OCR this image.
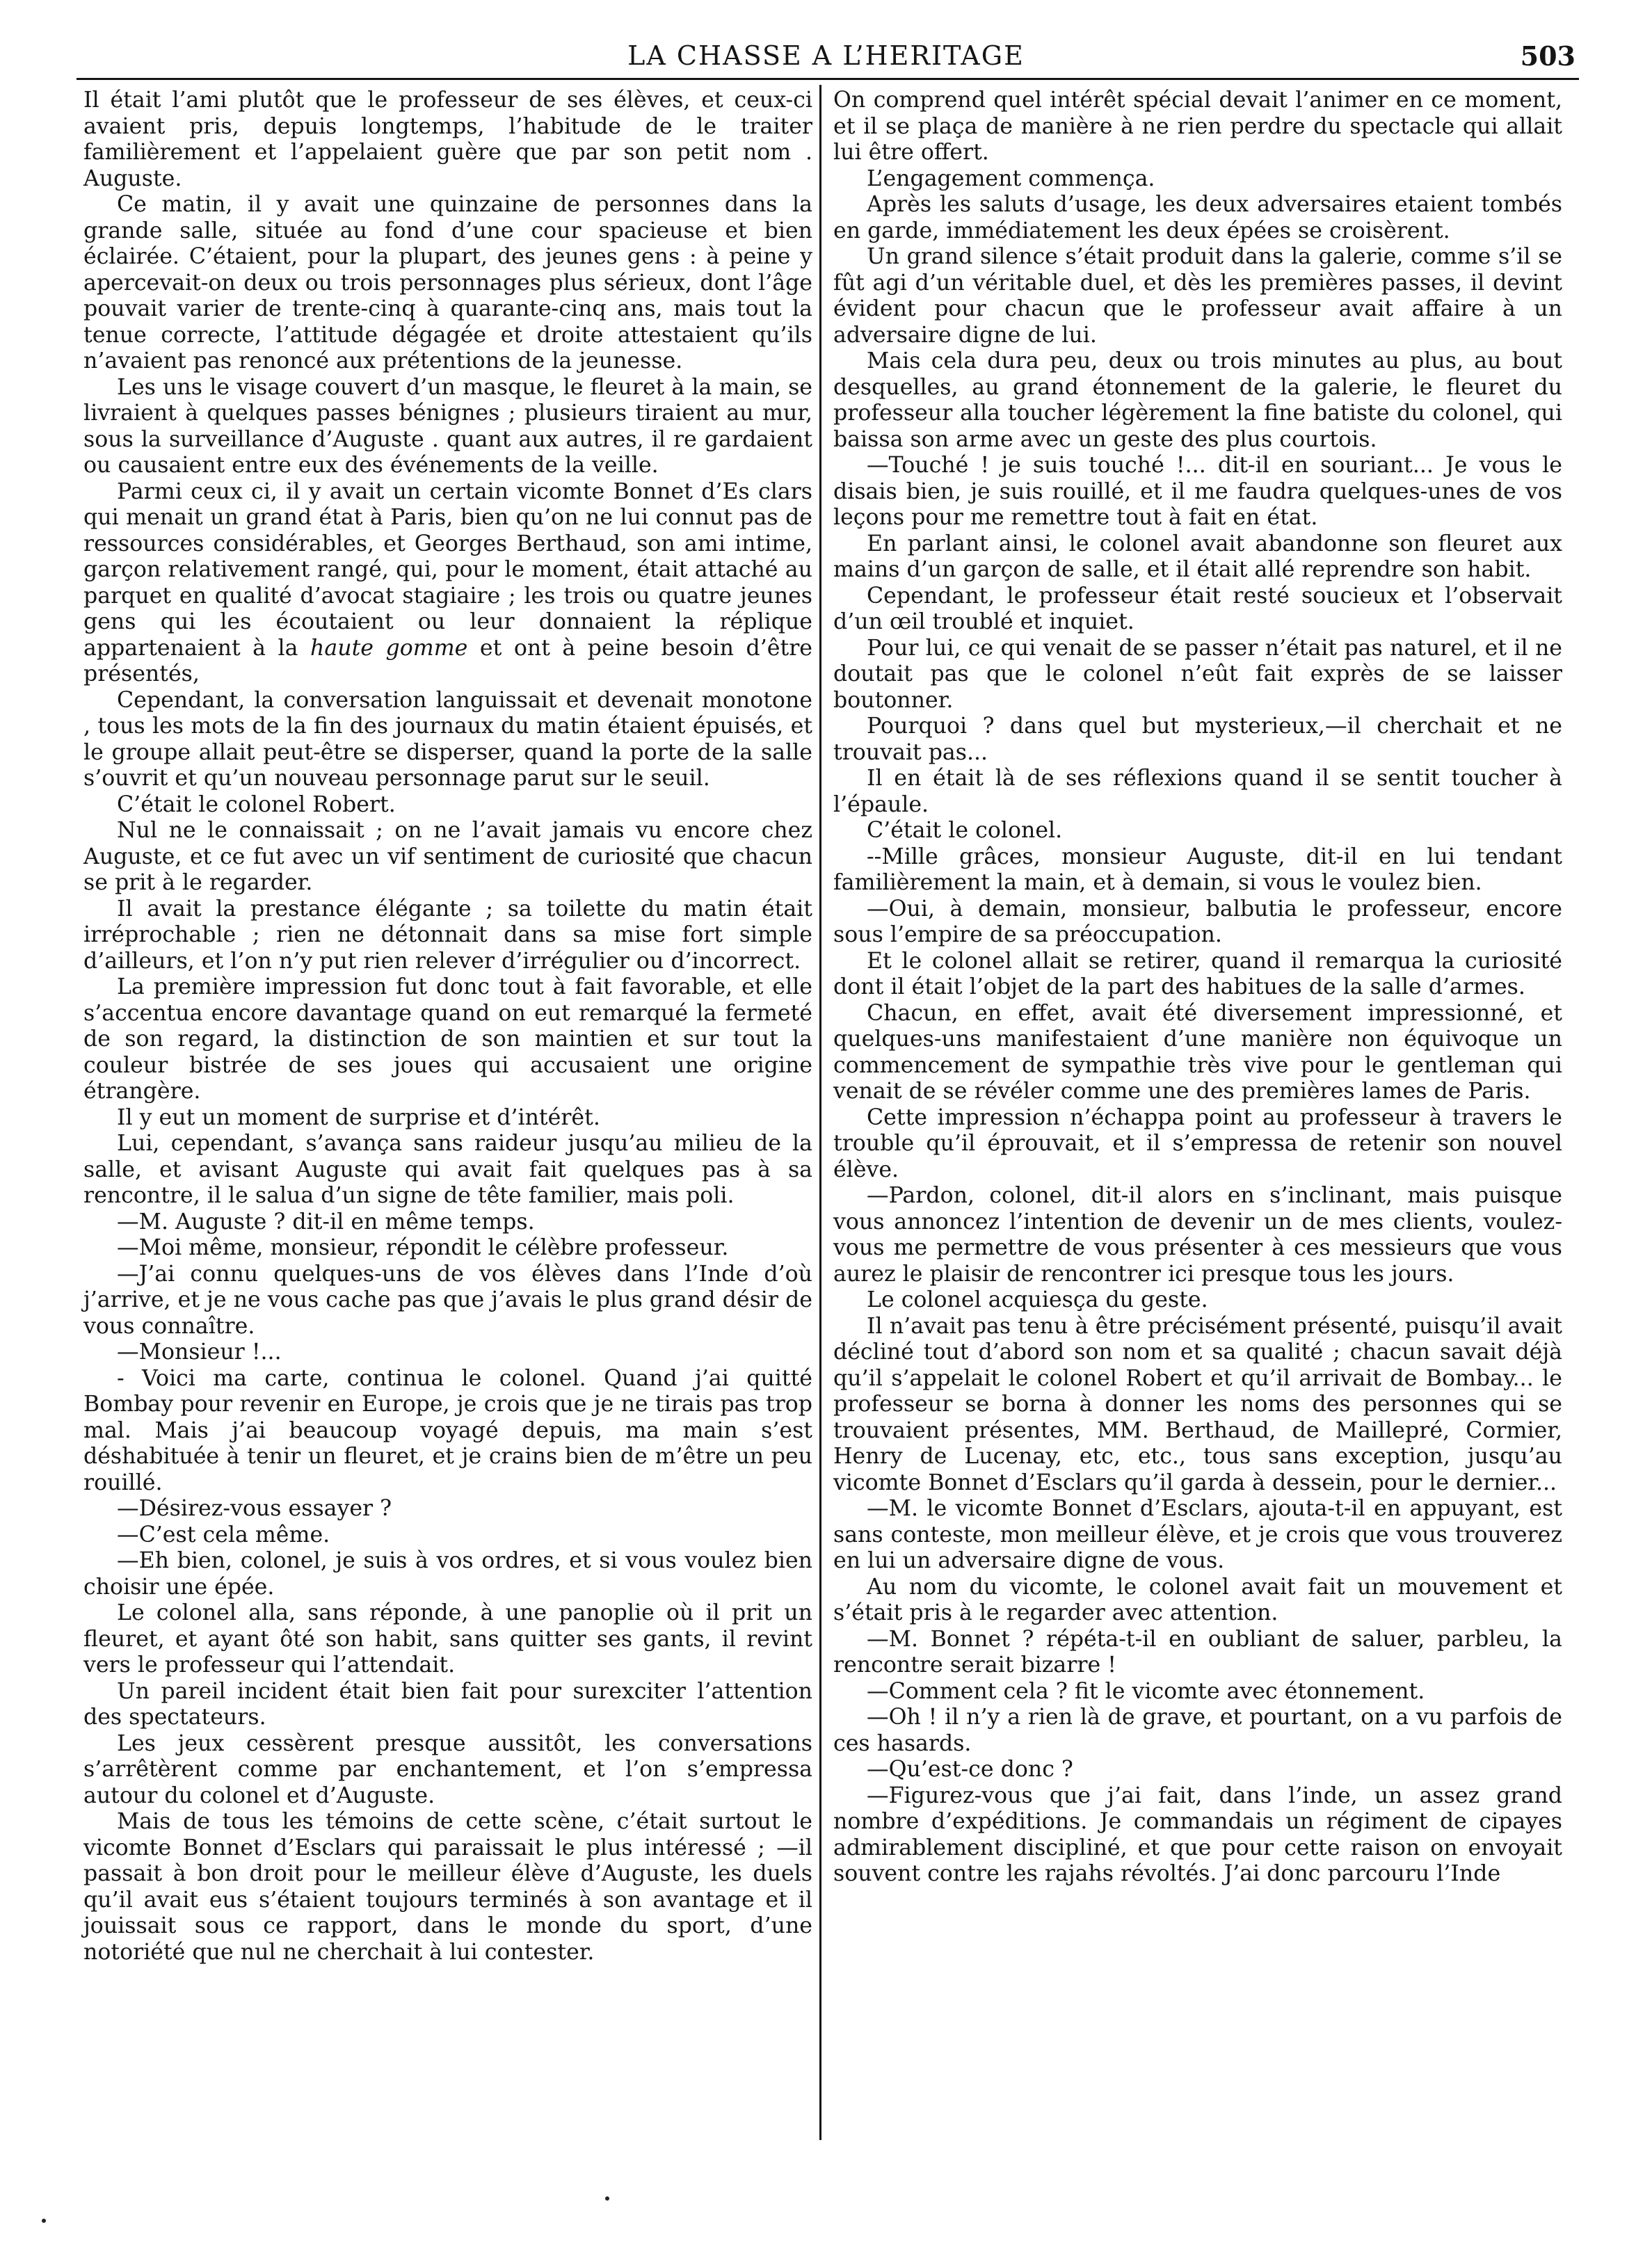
LA CHASSE A L’HERITAGE	503

Il était l’ami plutôt que le professeur de ses élèves, et ceux-ci avaient pris, depuis longtemps, l’habitude de le traiter familièrement et l’appelaient guère que par son petit nom . Auguste.

Ce matin, il y avait une quinzaine de personnes dans la grande salle, située au fond d’une cour spacieuse et bien éclairée. C’étaient, pour la plupart, des jeunes gens : à peine y apercevait-on deux ou trois personnages plus sérieux, dont l’âge pouvait varier de trente-cinq à quarante-cinq ans, mais tout la tenue correcte, l’attitude dégagée et droite attestaient qu’ils n’avaient pas renoncé aux prétentions de la jeunesse.

Les uns le visage couvert d’un masque, le fleuret à la main, se livraient à quelques passes bénignes ; plusieurs tiraient au mur, sous la surveillance d’Auguste . quant aux autres, il re gardaient ou causaient entre eux des événements de la veille.

Parmi ceux ci, il y avait un certain vicomte Bonnet d’Es clars qui menait un grand état à Paris, bien qu’on ne lui connut pas de ressources considérables, et Georges Berthaud, son ami intime, garçon relativement rangé, qui, pour le moment, était attaché au parquet en qualité d’avocat stagiaire ; les trois ou quatre jeunes gens qui les écoutaient ou leur donnaient la réplique appartenaient à la haute gomme et ont à peine besoin d’être présentés,

Cependant, la conversation languissait et devenait monotone , tous les mots de la fin des journaux du matin étaient épuisés, et le groupe allait peut-être se disperser, quand la porte de la salle s’ouvrit et qu’un nouveau personnage parut sur le seuil.

C’était le colonel Robert.

Nul ne le connaissait ; on ne l’avait jamais vu encore chez Auguste, et ce fut avec un vif sentiment de curiosité que chacun se prit à le regarder.

Il avait la prestance élégante ; sa toilette du matin était irréprochable ; rien ne détonnait dans sa mise fort simple d’ailleurs, et l’on n’y put rien relever d’irrégulier ou d’incorrect.

La première impression fut donc tout à fait favorable, et elle s’accentua encore davantage quand on eut remarqué la fermeté de son regard, la distinction de son maintien et sur tout la couleur bistrée de ses joues qui accusaient une origine étrangère.

Il y eut un moment de surprise et d’intérêt.

Lui, cependant, s’avança sans raideur jusqu’au milieu de la salle, et avisant Auguste qui avait fait quelques pas à sa rencontre, il le salua d’un signe de tête familier, mais poli.

—M. Auguste ? dit-il en même temps.

—Moi même, monsieur, répondit le célèbre professeur.

—J’ai connu quelques-uns de vos élèves dans l’Inde d’où j’arrive, et je ne vous cache pas que j’avais le plus grand désir de vous connaître.

—Monsieur !...

- Voici ma carte, continua le colonel. Quand j’ai quitté Bombay pour revenir en Europe, je crois que je ne tirais pas trop mal. Mais j’ai beaucoup voyagé depuis, ma main s’est déshabituée à tenir un fleuret, et je crains bien de m’être un peu rouillé.

—Désirez-vous essayer ?

—C’est cela même.

—Eh bien, colonel, je suis à vos ordres, et si vous voulez bien choisir une épée.

Le colonel alla, sans réponde, à une panoplie où il prit un fleuret, et ayant ôté son habit, sans quitter ses gants, il revint vers le professeur qui l’attendait.

Un pareil incident était bien fait pour surexciter l’attention des spectateurs.

Les jeux cessèrent presque aussitôt, les conversations s’arrêtèrent comme par enchantement, et l’on s’empressa autour du colonel et d’Auguste.

Mais de tous les témoins de cette scène, c’était surtout le vicomte Bonnet d’Esclars qui paraissait le plus intéressé ; —il passait à bon droit pour le meilleur élève d’Auguste, les duels qu’il avait eus s’étaient toujours terminés à son avantage et il jouissait sous ce rapport, dans le monde du sport, d’une notoriété que nul ne cherchait à lui contester.

On comprend quel intérêt spécial devait l’animer en ce moment, et il se plaça de manière à ne rien perdre du spectacle qui allait lui être offert.

L’engagement commença.

Après les saluts d’usage, les deux adversaires etaient tombés en garde, immédiatement les deux épées se croisèrent.

Un grand silence s’était produit dans la galerie, comme s’il se fût agi d’un véritable duel, et dès les premières passes, il devint évident pour chacun que le professeur avait affaire à un adversaire digne de lui.

Mais cela dura peu, deux ou trois minutes au plus, au bout desquelles, au grand étonnement de la galerie, le fleuret du professeur alla toucher légèrement la fine batiste du colonel, qui baissa son arme avec un geste des plus courtois.

—Touché ! je suis touché !... dit-il en souriant... Je vous le disais bien, je suis rouillé, et il me faudra quelques-unes de vos leçons pour me remettre tout à fait en état.

En parlant ainsi, le colonel avait abandonne son fleuret aux mains d’un garçon de salle, et il était allé reprendre son habit.

Cependant, le professeur était resté soucieux et l’observait d’un œil troublé et inquiet.

Pour lui, ce qui venait de se passer n’était pas naturel, et il ne doutait pas que le colonel n’eût fait exprès de se laisser boutonner.

Pourquoi ? dans quel but mysterieux,—il cherchait et ne trouvait pas...

Il en était là de ses réflexions quand il se sentit toucher à l’épaule.

C’était le colonel.

--Mille grâces, monsieur Auguste, dit-il en lui tendant familièrement la main, et à demain, si vous le voulez bien.

—Oui, à demain, monsieur, balbutia le professeur, encore sous l’empire de sa préoccupation.

Et le colonel allait se retirer, quand il remarqua la curiosité dont il était l’objet de la part des habitues de la salle d’armes.

Chacun, en effet, avait été diversement impressionné, et quelques-uns manifestaient d’une manière non équivoque un commencement de sympathie très vive pour le gentleman qui venait de se révéler comme une des premières lames de Paris.

Cette impression n’échappa point au professeur à travers le trouble qu’il éprouvait, et il s’empressa de retenir son nouvel élève.

—Pardon, colonel, dit-il alors en s’inclinant, mais puisque vous annoncez l’intention de devenir un de mes clients, voulez-vous me permettre de vous présenter à ces messieurs que vous aurez le plaisir de rencontrer ici presque tous les jours.

Le colonel acquiesça du geste.

Il n’avait pas tenu à être précisément présenté, puisqu’il avait décliné tout d’abord son nom et sa qualité ; chacun savait déjà qu’il s’appelait le colonel Robert et qu’il arrivait de Bombay... le professeur se borna à donner les noms des personnes qui se trouvaient présentes, MM. Berthaud, de Maillepré, Cormier, Henry de Lucenay, etc, etc., tous sans exception, jusqu’au vicomte Bonnet d’Esclars qu’il garda à dessein, pour le dernier...

—M. le vicomte Bonnet d’Esclars, ajouta-t-il en appuyant, est sans conteste, mon meilleur élève, et je crois que vous trouverez en lui un adversaire digne de vous.

Au nom du vicomte, le colonel avait fait un mouvement et s’était pris à le regarder avec attention.

—M. Bonnet ? répéta-t-il en oubliant de saluer, parbleu, la rencontre serait bizarre !

—Comment cela ? fit le vicomte avec étonnement.

—Oh ! il n’y a rien là de grave, et pourtant, on a vu parfois de ces hasards.

—Qu’est-ce donc ?

—Figurez-vous que j’ai fait, dans l’inde, un assez grand nombre d’expéditions. Je commandais un régiment de cipayes admirablement discipliné, et que pour cette raison on envoyait souvent contre les rajahs révoltés. J’ai donc parcouru l’Inde
